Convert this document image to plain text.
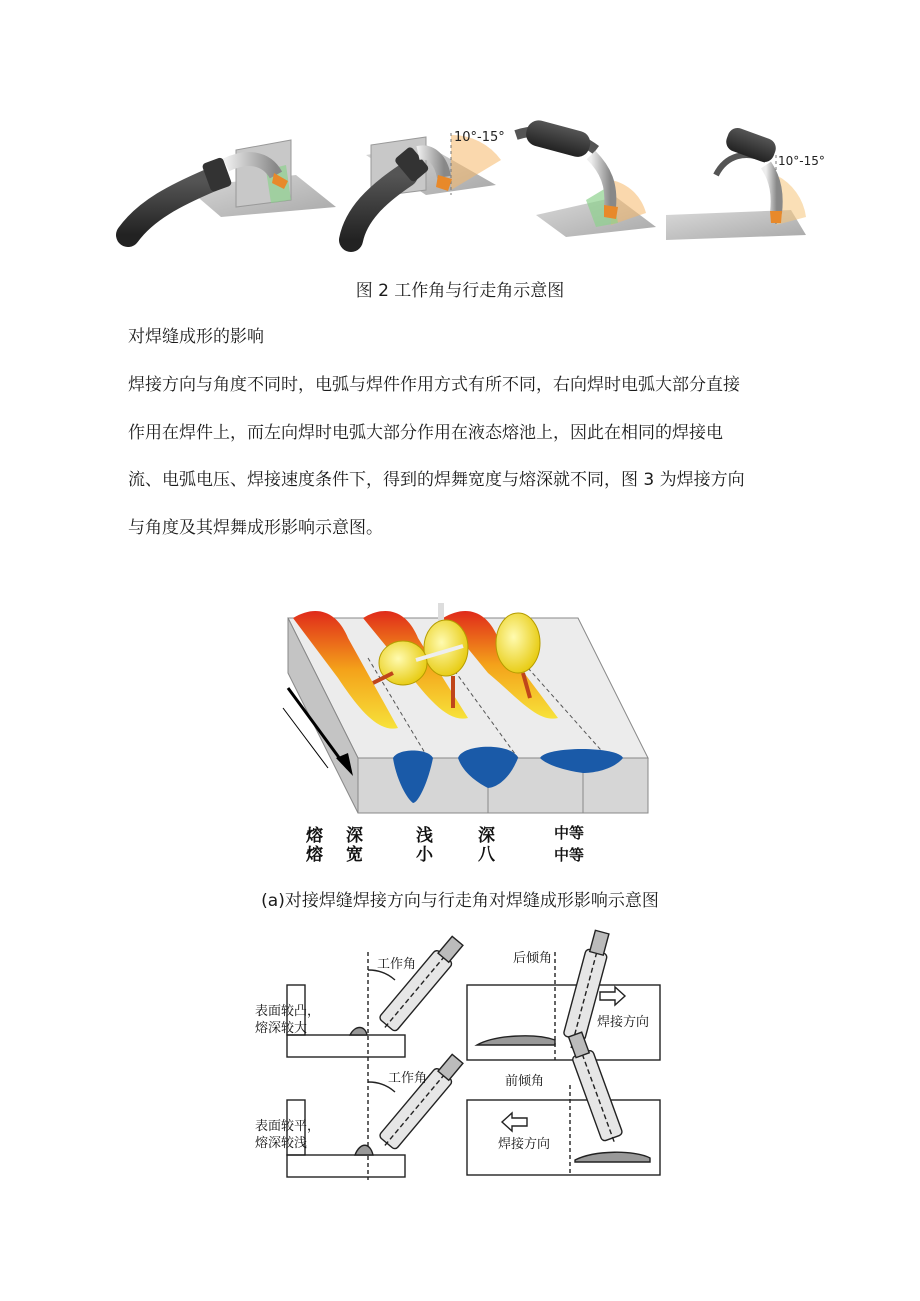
10°-15°
10°-15°
图 2 工作角与行走角示意图
对焊缝成形的影响
焊接方向与角度不同时，电弧与焊件作用方式有所不同，右向焊时电弧大部分直接
作用在焊件上，而左向焊时电弧大部分作用在液态熔池上，因此在相同的焊接电
流、电弧电压、焊接速度条件下，得到的焊舞宽度与熔深就不同，图 3 为焊接方向
与角度及其焊舞成形影响示意图。
熔
熔
深
宽
浅
小
深
八
中等
中等
(a)对接焊缝焊接方向与行走角对焊缝成形影响示意图
工作角
工作角
表面较凸，
熔深较大
表面较平，
熔深较浅
后倾角
前倾角
焊接方向
焊接方向
